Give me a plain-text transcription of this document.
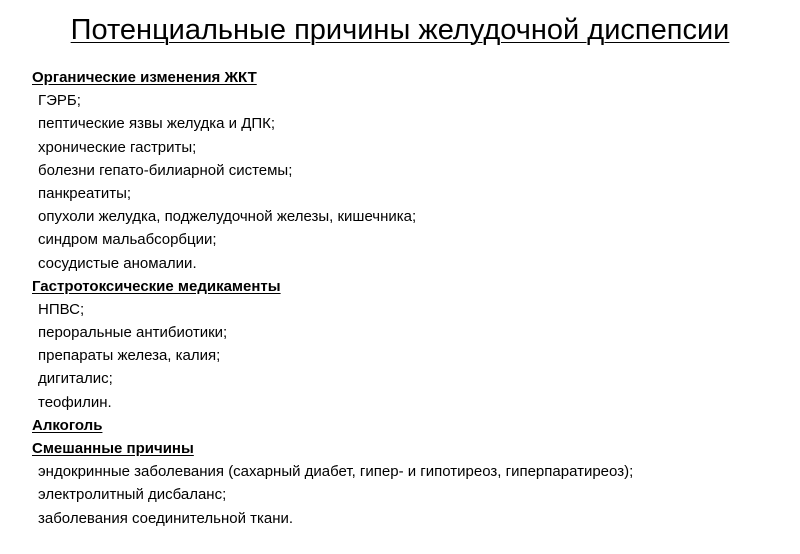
Потенциальные причины желудочной диспепсии
Органические изменения ЖКТ
ГЭРБ;
пептические язвы желудка и ДПК;
хронические гастриты;
болезни гепато-билиарной системы;
панкреатиты;
опухоли желудка, поджелудочной железы, кишечника;
синдром мальабсорбции;
сосудистые аномалии.
Гастротоксические медикаменты
НПВС;
пероральные антибиотики;
препараты железа, калия;
дигиталис;
теофилин.
Алкоголь
Смешанные причины
эндокринные заболевания (сахарный диабет, гипер- и гипотиреоз, гиперпаратиреоз);
электролитный дисбаланс;
заболевания соединительной ткани.
